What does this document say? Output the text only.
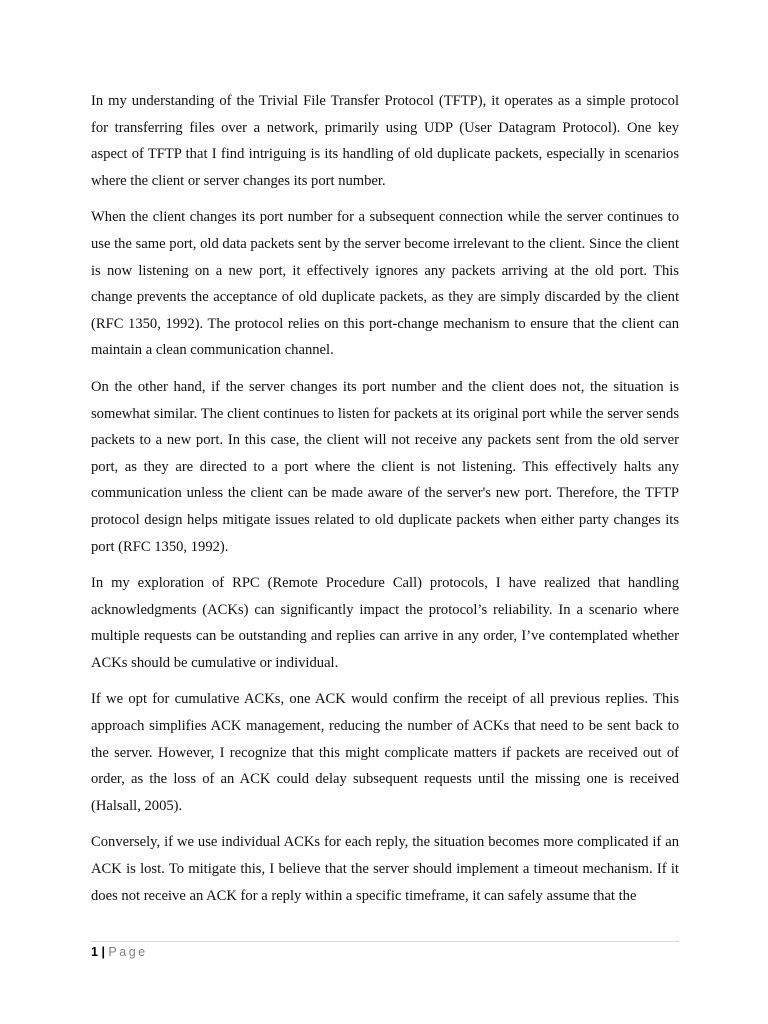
In my understanding of the Trivial File Transfer Protocol (TFTP), it operates as a simple protocol for transferring files over a network, primarily using UDP (User Datagram Protocol). One key aspect of TFTP that I find intriguing is its handling of old duplicate packets, especially in scenarios where the client or server changes its port number.

When the client changes its port number for a subsequent connection while the server continues to use the same port, old data packets sent by the server become irrelevant to the client. Since the client is now listening on a new port, it effectively ignores any packets arriving at the old port. This change prevents the acceptance of old duplicate packets, as they are simply discarded by the client (RFC 1350, 1992). The protocol relies on this port-change mechanism to ensure that the client can maintain a clean communication channel.

On the other hand, if the server changes its port number and the client does not, the situation is somewhat similar. The client continues to listen for packets at its original port while the server sends packets to a new port. In this case, the client will not receive any packets sent from the old server port, as they are directed to a port where the client is not listening. This effectively halts any communication unless the client can be made aware of the server's new port. Therefore, the TFTP protocol design helps mitigate issues related to old duplicate packets when either party changes its port (RFC 1350, 1992).

In my exploration of RPC (Remote Procedure Call) protocols, I have realized that handling acknowledgments (ACKs) can significantly impact the protocol’s reliability. In a scenario where multiple requests can be outstanding and replies can arrive in any order, I’ve contemplated whether ACKs should be cumulative or individual.

If we opt for cumulative ACKs, one ACK would confirm the receipt of all previous replies. This approach simplifies ACK management, reducing the number of ACKs that need to be sent back to the server. However, I recognize that this might complicate matters if packets are received out of order, as the loss of an ACK could delay subsequent requests until the missing one is received (Halsall, 2005).

Conversely, if we use individual ACKs for each reply, the situation becomes more complicated if an ACK is lost. To mitigate this, I believe that the server should implement a timeout mechanism. If it does not receive an ACK for a reply within a specific timeframe, it can safely assume that the

1 | Page
